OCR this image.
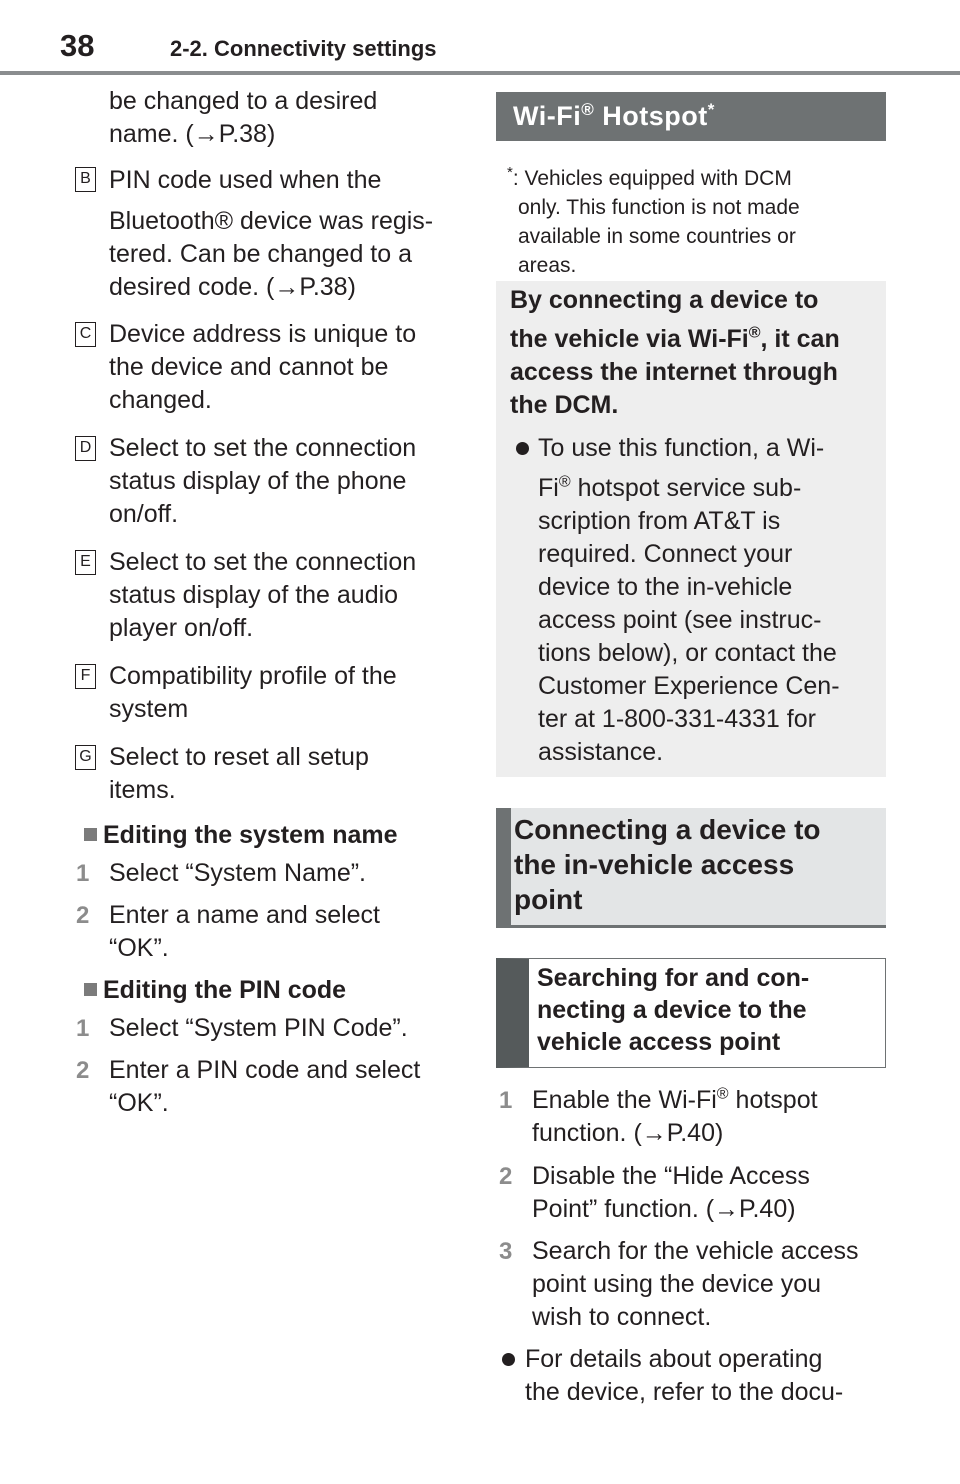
38	2-2. Connectivity settings

be changed to a desired

name. (→P.38)

B PIN code used when the

Bluetooth® device was regis-

tered. Can be changed to a

desired code. (→P.38)

C Device address is unique to

the device and cannot be

changed.

D Select to set the connection

status display of the phone

on/off.

E Select to set the connection

status display of the audio

player on/off.

F Compatibility profile of the

system

G Select to reset all setup

items.

Editing the system name
1 Select “System Name”.

2 Enter a name and select

“OK”.

Editing the PIN code
1 Select “System PIN Code”.

2 Enter a PIN code and select

“OK”.

Wi-Fi® Hotspot*
*: Vehicles equipped with DCM
only. This function is not made
available in some countries or
areas.
By connecting a device to
the vehicle via Wi-Fi®, it can
access the internet through
the DCM.
To use this function, a Wi-
Fi® hotspot service sub-
scription from AT&T is
required. Connect your
device to the in-vehicle
access point (see instruc-
tions below), or contact the
Customer Experience Cen-
ter at 1-800-331-4331 for
assistance.
Connecting a device to
the in-vehicle access
point
Searching for and con-
necting a device to the
vehicle access point
1 Enable the Wi-Fi® hotspot
function. (→P.40)
2 Disable the “Hide Access
Point” function. (→P.40)
3 Search for the vehicle access
point using the device you
wish to connect.

For details about operating

the device, refer to the docu-
